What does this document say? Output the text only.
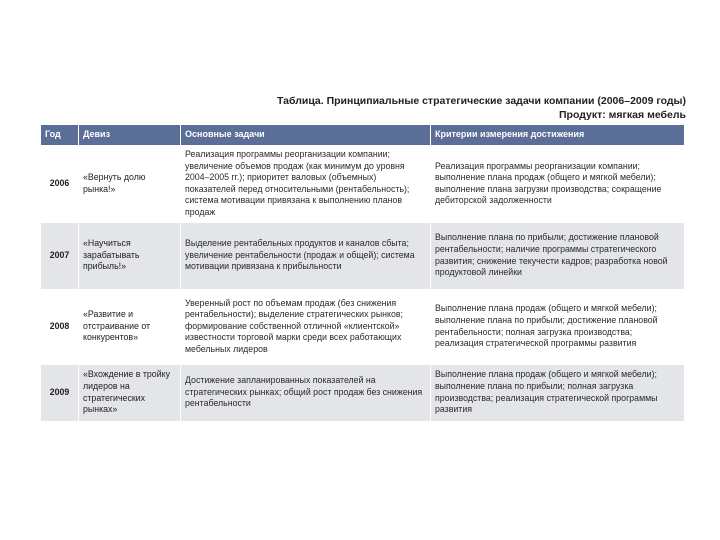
Таблица. Принципиальные стратегические задачи компании (2006–2009 годы)
Продукт: мягкая мебель
Год	Девиз	Основные задачи	Критерии измерения достижения
2006	«Вернуть долю рынка!»	Реализация программы реорганизации компании; увеличение объемов продаж (как минимум до уровня 2004–2005 гг.); приоритет валовых (объемных) показателей перед относительными (рентабельность); система мотивации привязана к выполнению планов продаж	Реализация программы реорганизации компании; выполнение плана продаж (общего и мягкой мебели); выполнение плана загрузки производства; сокращение дебиторской задолженности
2007	«Научиться зарабатывать прибыль!»	Выделение рентабельных продуктов и каналов сбыта; увеличение рентабельности (продаж и общей); система мотивации привязана к прибыльности	Выполнение плана по прибыли; достижение плановой рентабельности; наличие программы стратегического развития; снижение текучести кадров; разработка новой продуктовой линейки
2008	«Развитие и отстраивание от конкурентов»	Уверенный рост по объемам продаж (без снижения рентабельности); выделение стратегических рынков; формирование собственной отличной «клиентской» известности торговой марки среди всех работающих мебельных лидеров	Выполнение плана продаж (общего и мягкой мебели); выполнение плана по прибыли; достижение плановой рентабельности; полная загрузка производства; реализация стратегической программы развития
2009	«Вхождение в тройку лидеров на стратегических рынках»	Достижение запланированных показателей на стратегических рынках; общий рост продаж без снижения рентабельности	Выполнение плана продаж (общего и мягкой мебели); выполнение плана по прибыли; полная загрузка производства; реализация стратегической программы развития
